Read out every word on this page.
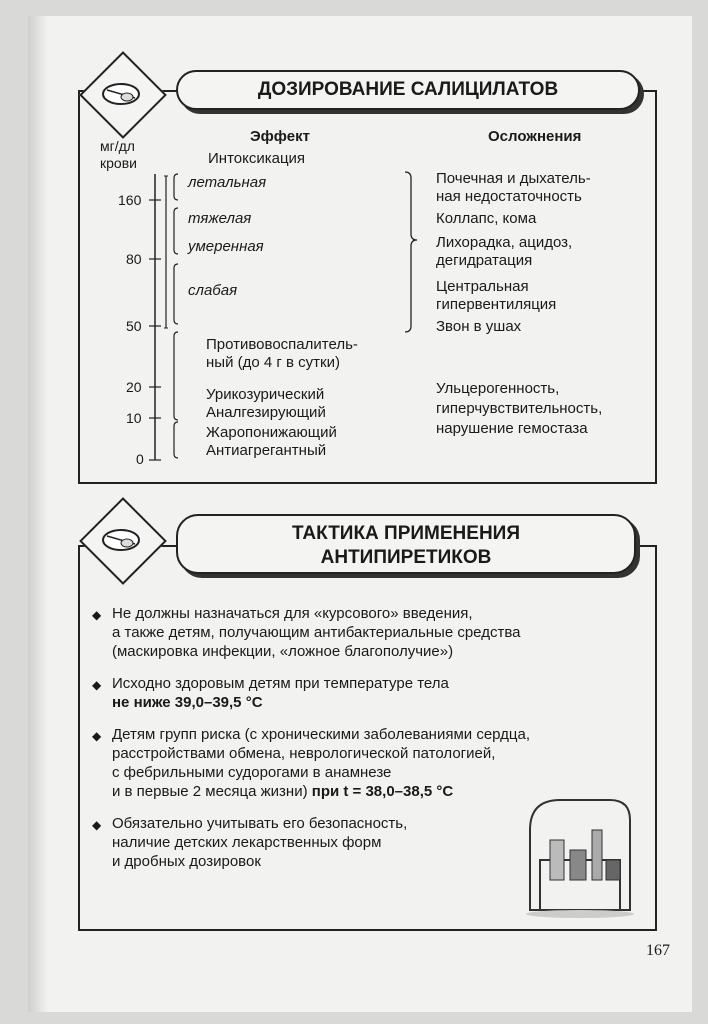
ДОЗИРОВАНИЕ САЛИЦИЛАТОВ
мг/дл
крови
Эффект	Осложнения
Интоксикация
160
80
50
20
10
0
летальная
тяжелая
умеренная
слабая
Противовоспалитель-
ный (до 4 г в сутки)
Урикозурический
Аналгезирующий
Жаропонижающий
Антиагрегантный
Почечная и дыхатель-
ная недостаточность
Коллапс, кома
Лихорадка, ацидоз,
дегидратация
Центральная
гипервентиляция
Звон в ушах
Ульцерогенность,
гиперчувствительность,
нарушение гемостаза
ТАКТИКА ПРИМЕНЕНИЯ
АНТИПИРЕТИКОВ
◆ Не должны назначаться для «курсового» введения,
а также детям, получающим антибактериальные средства
(маскировка инфекции, «ложное благополучие»)
◆ Исходно здоровым детям при температуре тела
не ниже 39,0–39,5 °С
◆ Детям групп риска (с хроническими заболеваниями сердца,
расстройствами обмена, неврологической патологией,
с фебрильными судорогами в анамнезе
и в первые 2 месяца жизни) при t = 38,0–38,5 °С
◆ Обязательно учитывать его безопасность,
наличие детских лекарственных форм
и дробных дозировок
167
